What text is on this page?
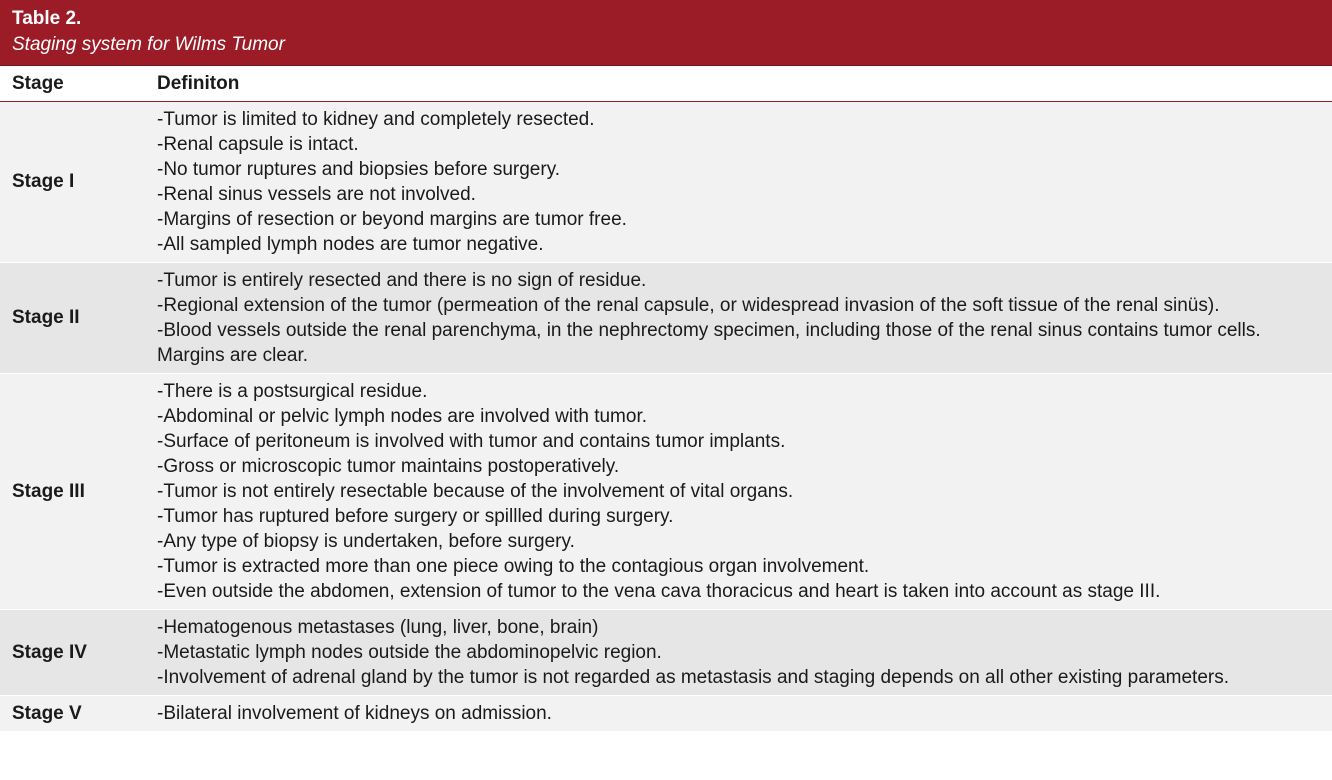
Table 2.
Staging system for Wilms Tumor
Stage	Definiton
Stage I

-Tumor is limited to kidney and completely resected.

-Renal capsule is intact.

-No tumor ruptures and biopsies before surgery.

-Renal sinus vessels are not involved.

-Margins of resection or beyond margins are tumor free.

-All sampled lymph nodes are tumor negative.

Stage II

-Tumor is entirely resected and there is no sign of residue.

-Regional extension of the tumor (permeation of the renal capsule, or widespread invasion of the soft tissue of the renal sinüs).

-Blood vessels outside the renal parenchyma, in the nephrectomy specimen, including those of the renal sinus contains tumor cells. Margins are clear.

Stage III

-There is a postsurgical residue.

-Abdominal or pelvic lymph nodes are involved with tumor.

-Surface of peritoneum is involved with tumor and contains tumor implants.

-Gross or microscopic tumor maintains postoperatively.

-Tumor is not entirely resectable because of the involvement of vital organs.

-Tumor has ruptured before surgery or spillled during surgery.

-Any type of biopsy is undertaken, before surgery.

-Tumor is extracted more than one piece owing to the contagious organ involvement.

-Even outside the abdomen, extension of tumor to the vena cava thoracicus and heart is taken into account as stage III.

Stage IV

-Hematogenous metastases (lung, liver, bone, brain)

-Metastatic lymph nodes outside the abdominopelvic region.

-Involvement of adrenal gland by the tumor is not regarded as metastasis and staging depends on all other existing parameters.

Stage V	-Bilateral involvement of kidneys on admission.
